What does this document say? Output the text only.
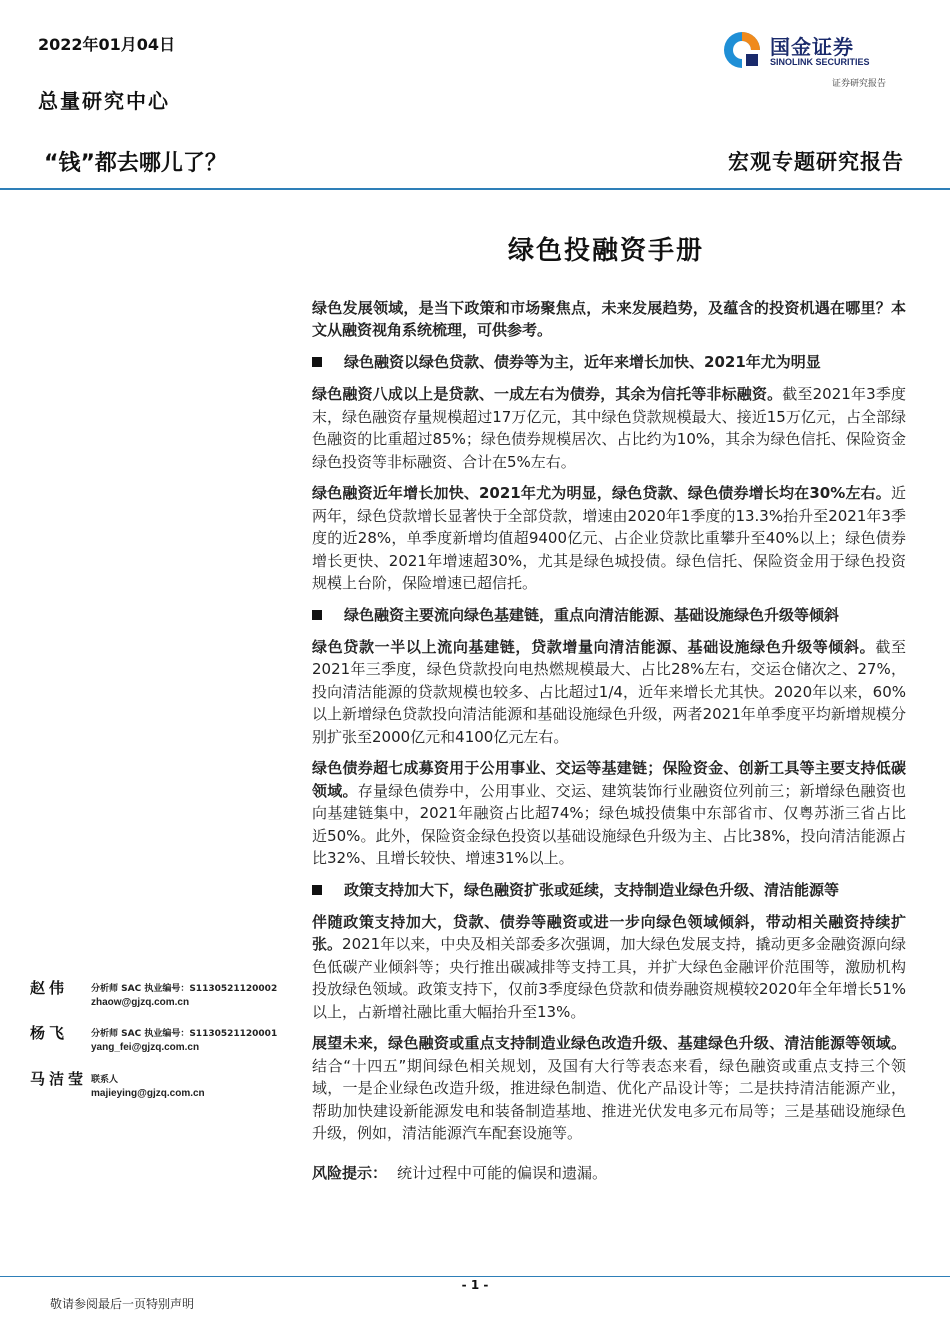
2022年01月04日
总量研究中心
国金证券
SINOLINK SECURITIES
证券研究报告
“钱”都去哪儿了？	宏观专题研究报告
绿色投融资手册
绿色发展领域，是当下政策和市场聚焦点，未来发展趋势，及蕴含的投资机遇在哪里？本文从融资视角系统梳理，可供参考。
绿色融资以绿色贷款、债券等为主，近年来增长加快、2021年尤为明显
绿色融资八成以上是贷款、一成左右为债券，其余为信托等非标融资。截至2021年3季度末，绿色融资存量规模超过17万亿元，其中绿色贷款规模最大、接近15万亿元，占全部绿色融资的比重超过85%；绿色债券规模居次、占比约为10%，其余为绿色信托、保险资金绿色投资等非标融资、合计在5%左右。
绿色融资近年增长加快、2021年尤为明显，绿色贷款、绿色债券增长均在30%左右。近两年，绿色贷款增长显著快于全部贷款，增速由2020年1季度的13.3%抬升至2021年3季度的近28%，单季度新增均值超9400亿元、占企业贷款比重攀升至40%以上；绿色债券增长更快、2021年增速超30%，尤其是绿色城投债。绿色信托、保险资金用于绿色投资规模上台阶，保险增速已超信托。
绿色融资主要流向绿色基建链，重点向清洁能源、基础设施绿色升级等倾斜
绿色贷款一半以上流向基建链，贷款增量向清洁能源、基础设施绿色升级等倾斜。截至2021年三季度，绿色贷款投向电热燃规模最大、占比28%左右，交运仓储次之、27%，投向清洁能源的贷款规模也较多、占比超过1/4，近年来增长尤其快。2020年以来，60%以上新增绿色贷款投向清洁能源和基础设施绿色升级，两者2021年单季度平均新增规模分别扩张至2000亿元和4100亿元左右。
绿色债券超七成募资用于公用事业、交运等基建链；保险资金、创新工具等主要支持低碳领域。存量绿色债券中，公用事业、交运、建筑装饰行业融资位列前三；新增绿色融资也向基建链集中，2021年融资占比超74%；绿色城投债集中东部省市、仅粤苏浙三省占比近50%。此外，保险资金绿色投资以基础设施绿色升级为主、占比38%，投向清洁能源占比32%、且增长较快、增速31%以上。
政策支持加大下，绿色融资扩张或延续，支持制造业绿色升级、清洁能源等
伴随政策支持加大，贷款、债券等融资或进一步向绿色领域倾斜，带动相关融资持续扩张。2021年以来，中央及相关部委多次强调，加大绿色发展支持，撬动更多金融资源向绿色低碳产业倾斜等；央行推出碳减排等支持工具，并扩大绿色金融评价范围等，激励机构投放绿色领域。政策支持下，仅前3季度绿色贷款和债券融资规模较2020年全年增长51%以上，占新增社融比重大幅抬升至13%。
展望未来，绿色融资或重点支持制造业绿色改造升级、基建绿色升级、清洁能源等领域。结合“十四五”期间绿色相关规划，及国有大行等表态来看，绿色融资或重点支持三个领域，一是企业绿色改造升级，推进绿色制造、优化产品设计等；二是扶持清洁能源产业，帮助加快建设新能源发电和装备制造基地、推进光伏发电多元布局等；三是基础设施绿色升级，例如，清洁能源汽车配套设施等。
风险提示： 统计过程中可能的偏误和遗漏。
赵伟	分析师 SAC 执业编号：S1130521120002
zhaow@gjzq.com.cn
杨飞	分析师 SAC 执业编号：S1130521120001
yang_fei@gjzq.com.cn
马洁莹 联系人
majieying@gjzq.com.cn
- 1 -
敬请参阅最后一页特别声明
